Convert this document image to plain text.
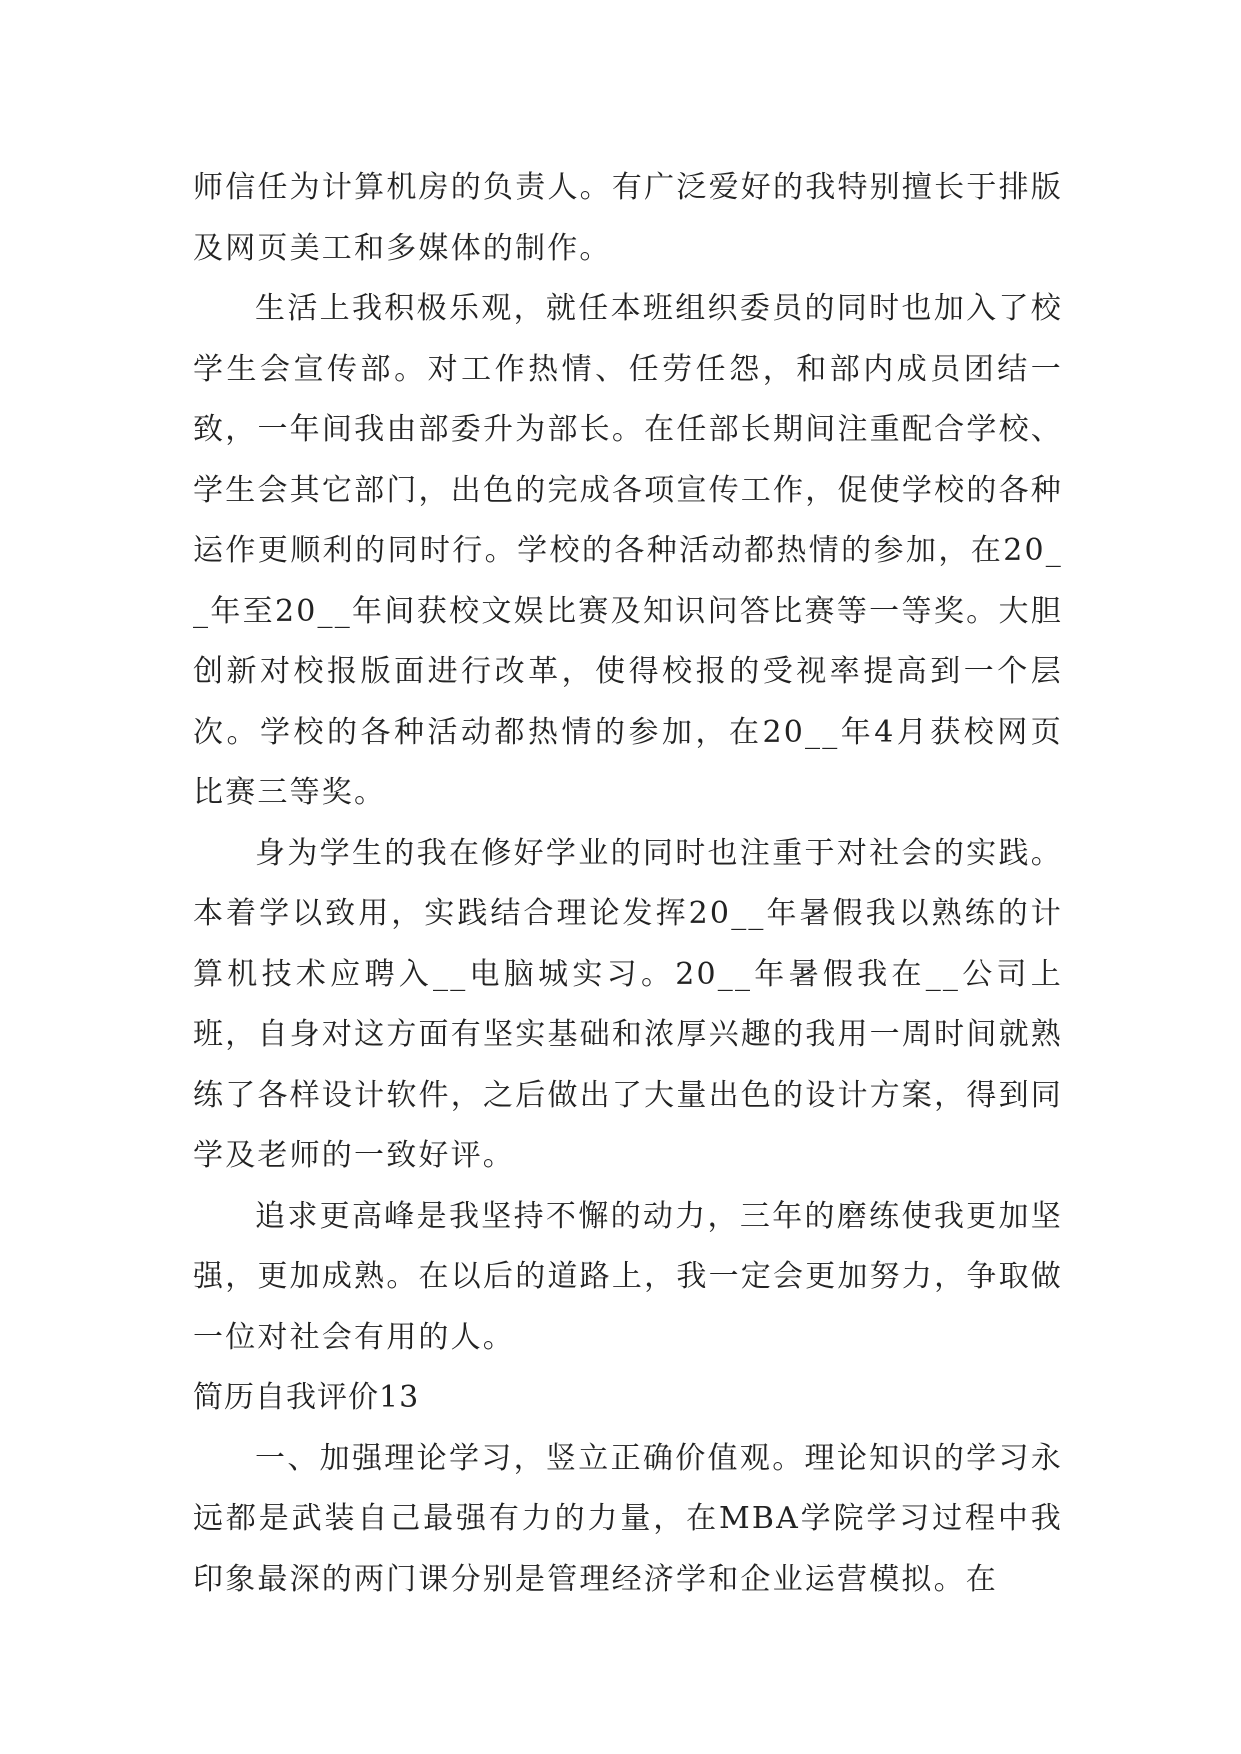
师信任为计算机房的负责人。有广泛爱好的我特别擅长于排版及网页美工和多媒体的制作。

生活上我积极乐观，就任本班组织委员的同时也加入了校学生会宣传部。对工作热情、任劳任怨，和部内成员团结一致，一年间我由部委升为部长。在任部长期间注重配合学校、学生会其它部门，出色的完成各项宣传工作，促使学校的各种运作更顺利的同时行。学校的各种活动都热情的参加，在20__年至20__年间获校文娱比赛及知识问答比赛等一等奖。大胆创新对校报版面进行改革，使得校报的受视率提高到一个层次。学校的各种活动都热情的参加，在20__年4月获校网页比赛三等奖。

身为学生的我在修好学业的同时也注重于对社会的实践。本着学以致用，实践结合理论发挥20__年暑假我以熟练的计算机技术应聘入__电脑城实习。20__年暑假我在__公司上班，自身对这方面有坚实基础和浓厚兴趣的我用一周时间就熟练了各样设计软件，之后做出了大量出色的设计方案，得到同学及老师的一致好评。

追求更高峰是我坚持不懈的动力，三年的磨练使我更加坚强，更加成熟。在以后的道路上，我一定会更加努力，争取做一位对社会有用的人。

简历自我评价13

一、加强理论学习，竖立正确价值观。理论知识的学习永远都是武装自己最强有力的力量，在MBA学院学习过程中我印象最深的两门课分别是管理经济学和企业运营模拟。在
